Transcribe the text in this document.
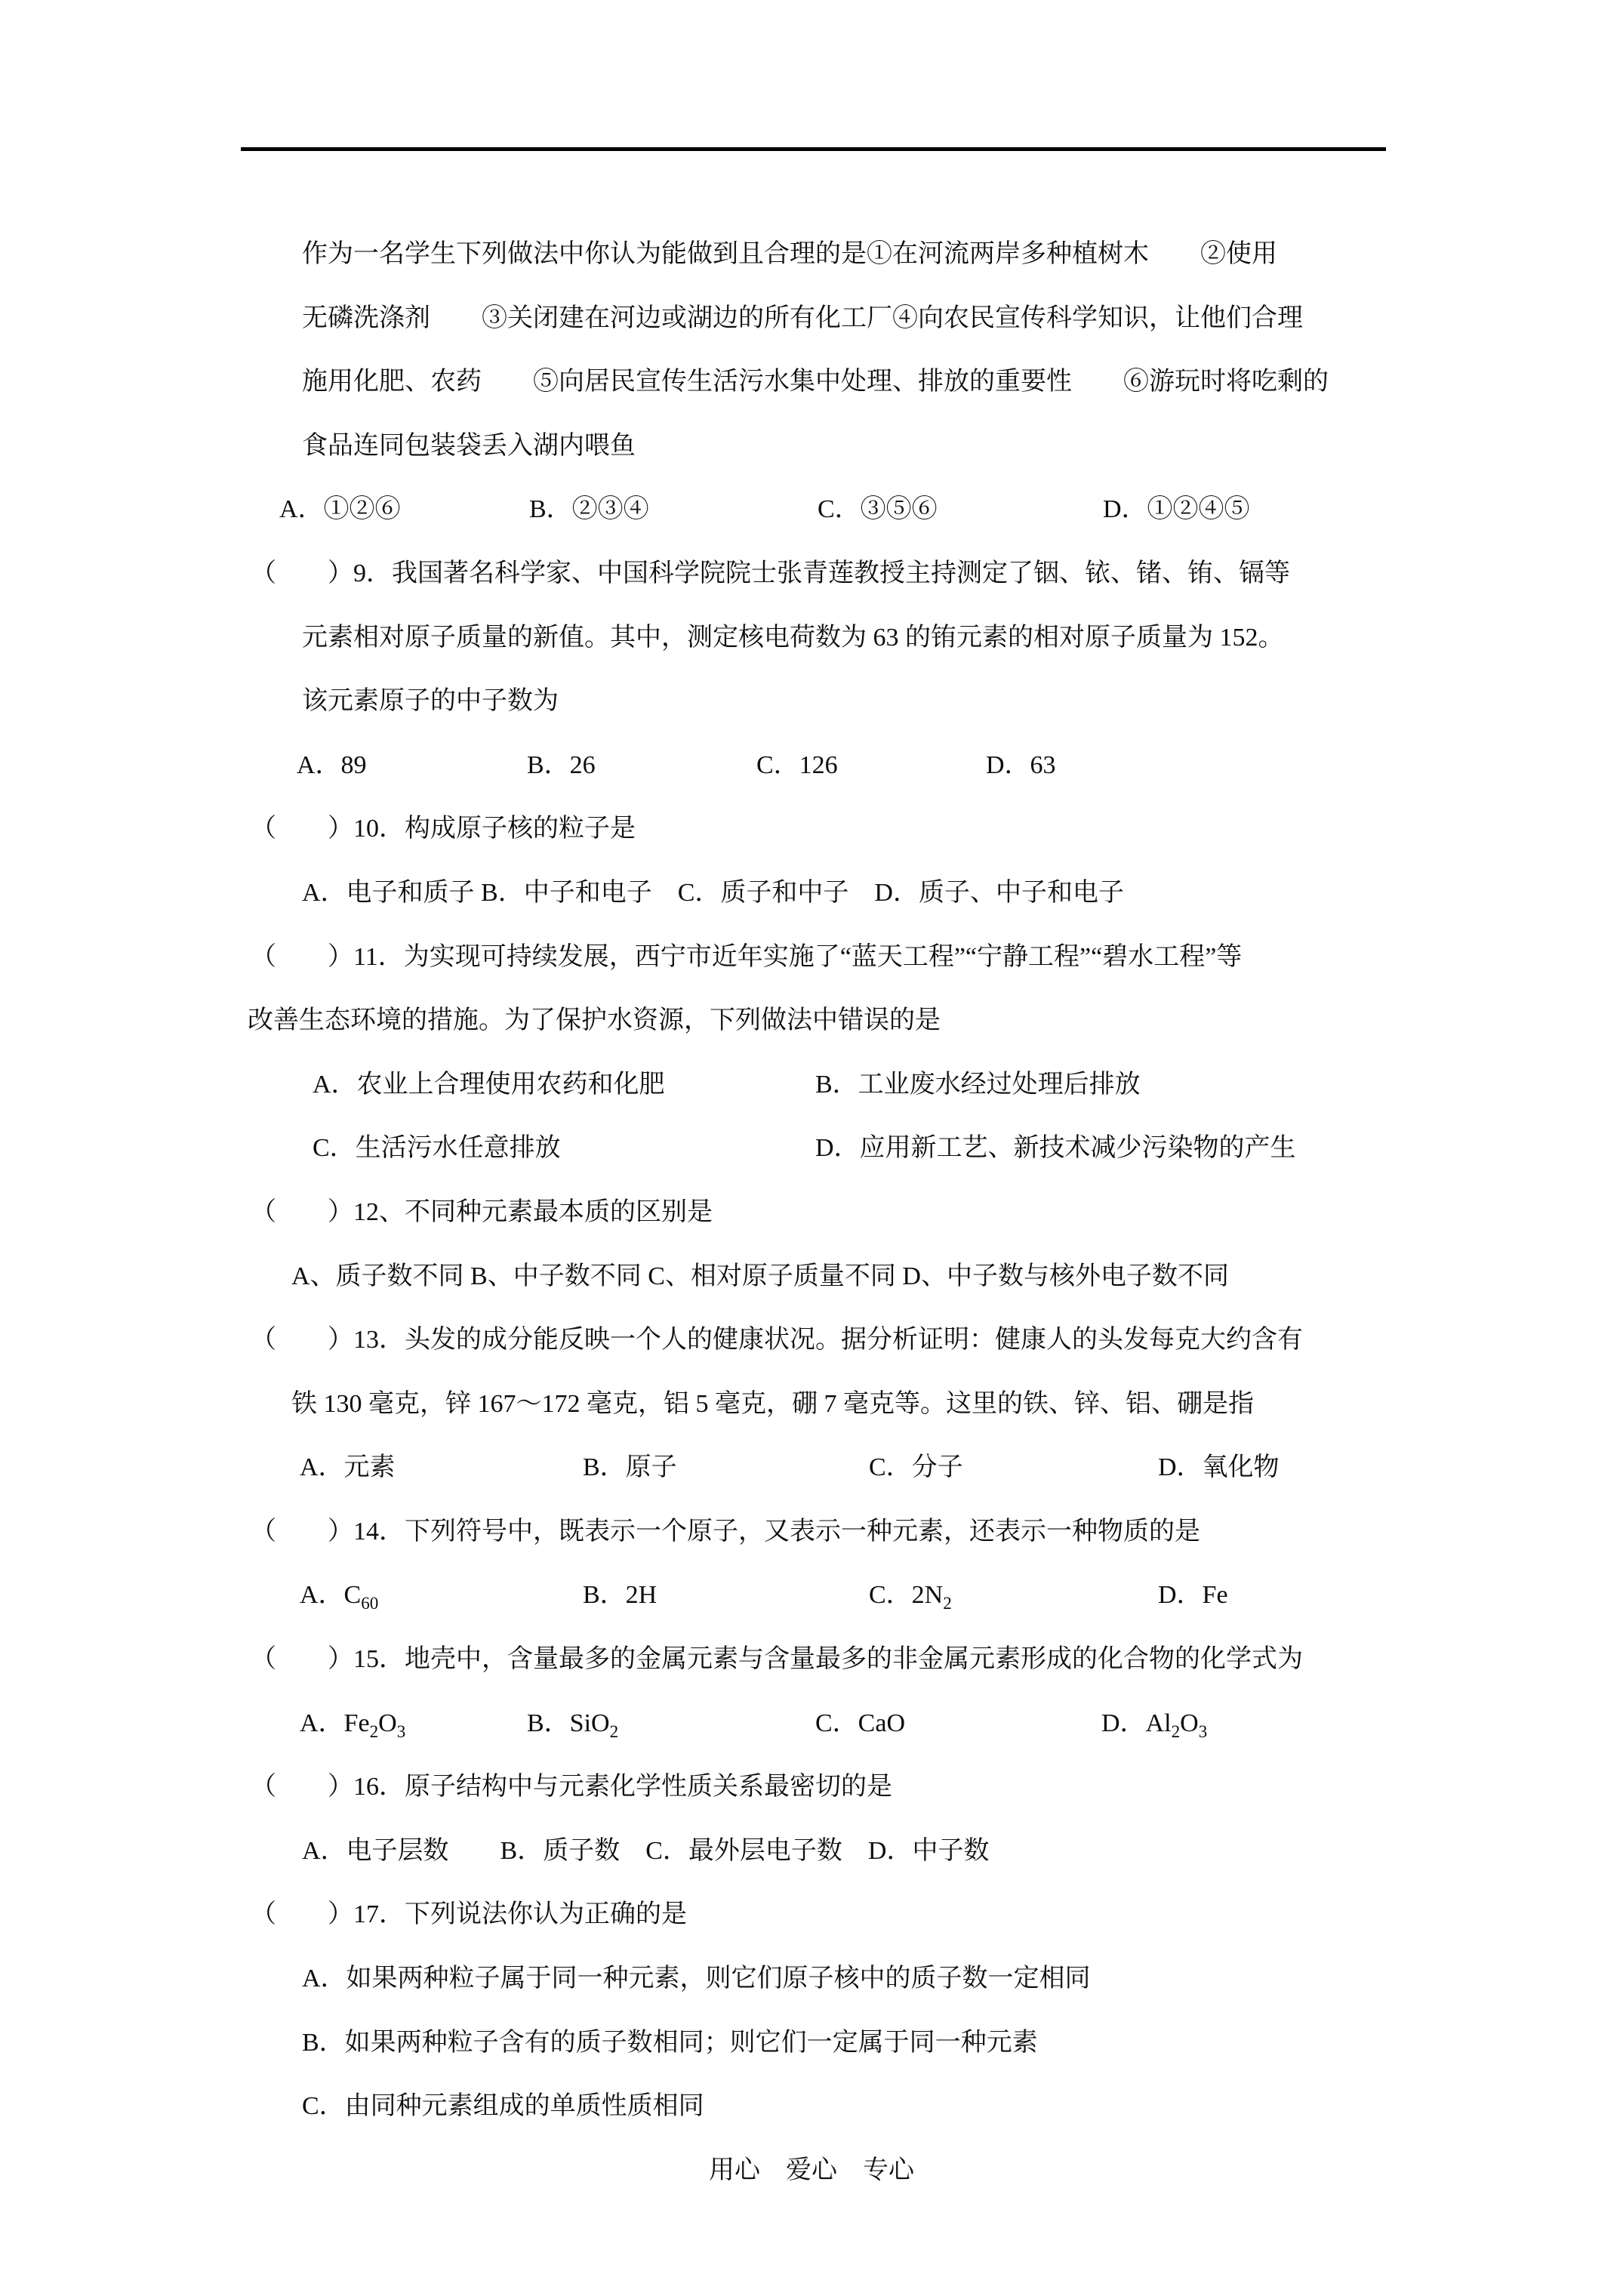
作为一名学生下列做法中你认为能做到且合理的是①在河流两岸多种植树木　　②使用
无磷洗涤剂　　③关闭建在河边或湖边的所有化工厂④向农民宣传科学知识，让他们合理
施用化肥、农药　　⑤向居民宣传生活污水集中处理、排放的重要性　　⑥游玩时将吃剩的
食品连同包装袋丢入湖内喂鱼

A．①②⑥

	B．②③④

	C．③⑤⑥

	D．①②④⑤

（　　）9．我国著名科学家、中国科学院院士张青莲教授主持测定了铟、铱、锗、铕、镉等
元素相对原子质量的新值。其中，测定核电荷数为 63 的铕元素的相对原子质量为 152。
该元素原子的中子数为

A．89

	B．26

	C．126

	D．63

（　　）10．构成原子核的粒子是
A．电子和质子 B．中子和电子　C．质子和中子　D．质子、中子和电子
（　　）11．为实现可持续发展，西宁市近年实施了“蓝天工程”“宁静工程”“碧水工程”等
改善生态环境的措施。为了保护水资源，下列做法中错误的是

A．农业上合理使用农药和化肥

	B．工业废水经过处理后排放

C．生活污水任意排放

	D．应用新工艺、新技术减少污染物的产生

（　　）12、不同种元素最本质的区别是
A、质子数不同 B、中子数不同 C、相对原子质量不同 D、中子数与核外电子数不同
（　　）13．头发的成分能反映一个人的健康状况。据分析证明：健康人的头发每克大约含有
铁 130 毫克，锌 167～172 毫克，铝 5 毫克，硼 7 毫克等。这里的铁、锌、铝、硼是指

A．元素

	B．原子

	C．分子

	D．氧化物

（　　）14．下列符号中，既表示一个原子，又表示一种元素，还表示一种物质的是

A．$C_{60}$

	B．2H

	C．$2N_2$

	D．Fe

（　　）15．地壳中，含量最多的金属元素与含量最多的非金属元素形成的化合物的化学式为

A．$Fe_2O_3$

	B．SiO$_2$

	C．CaO

	D．$Al_2O_3$

（　　）16．原子结构中与元素化学性质关系最密切的是
A．电子层数　　B．质子数　C．最外层电子数　D．中子数
（　　）17．下列说法你认为正确的是
A．如果两种粒子属于同一种元素，则它们原子核中的质子数一定相同
B．如果两种粒子含有的质子数相同；则它们一定属于同一种元素
C．由同种元素组成的单质性质相同
用心　爱心　专心
